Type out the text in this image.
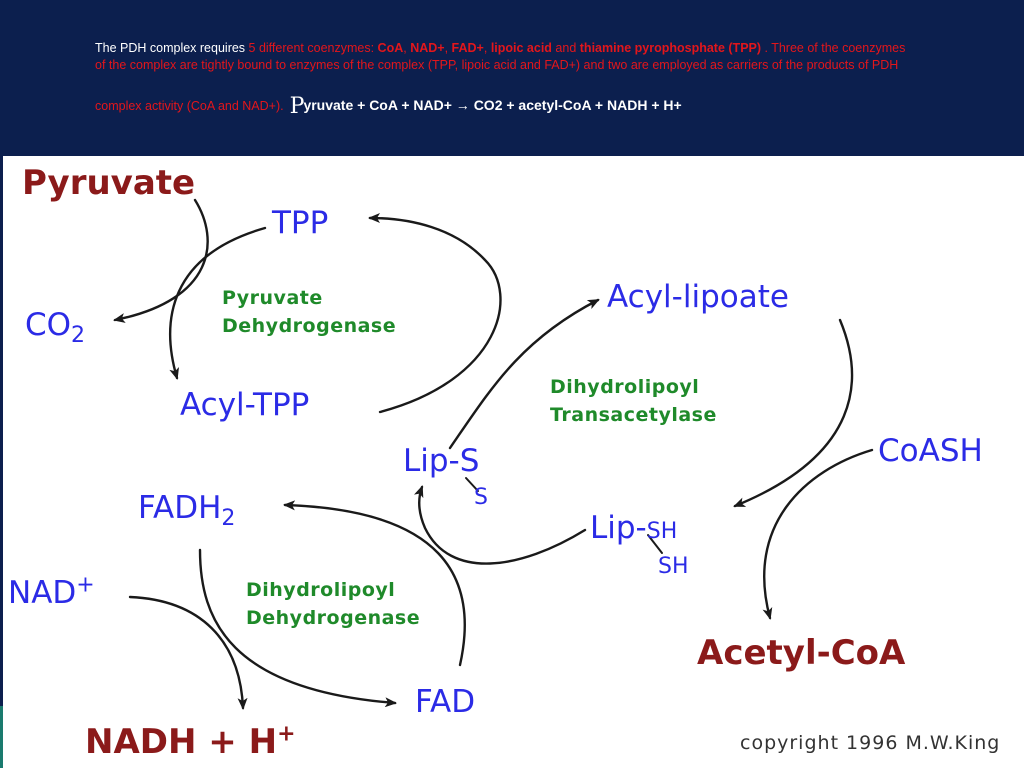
The PDH complex requires 5 different coenzymes: CoA, NAD+, FAD+, lipoic acid and thiamine pyrophosphate (TPP) . Three of the coenzymes
of the complex are tightly bound to enzymes of the complex (TPP, lipoic acid and FAD+) and two are employed as carriers of the products of PDH
complex activity (CoA and NAD+). Pyruvate + CoA + NAD+ → CO2 + acetyl-CoA + NADH + H+
Pyruvate
TPP
$CO_2$
Pyruvate
Dehydrogenase
Acyl-TPP
Acyl-lipoate
Dihydrolipoyl
Transacetylase
Lip-S
S
CoASH
Lip-SH
SH
$FADH_2$
Dihydrolipoyl
Dehydrogenase
NAD+
FAD
Acetyl-CoA
NADH + H+	copyright 1996 M.W.King
